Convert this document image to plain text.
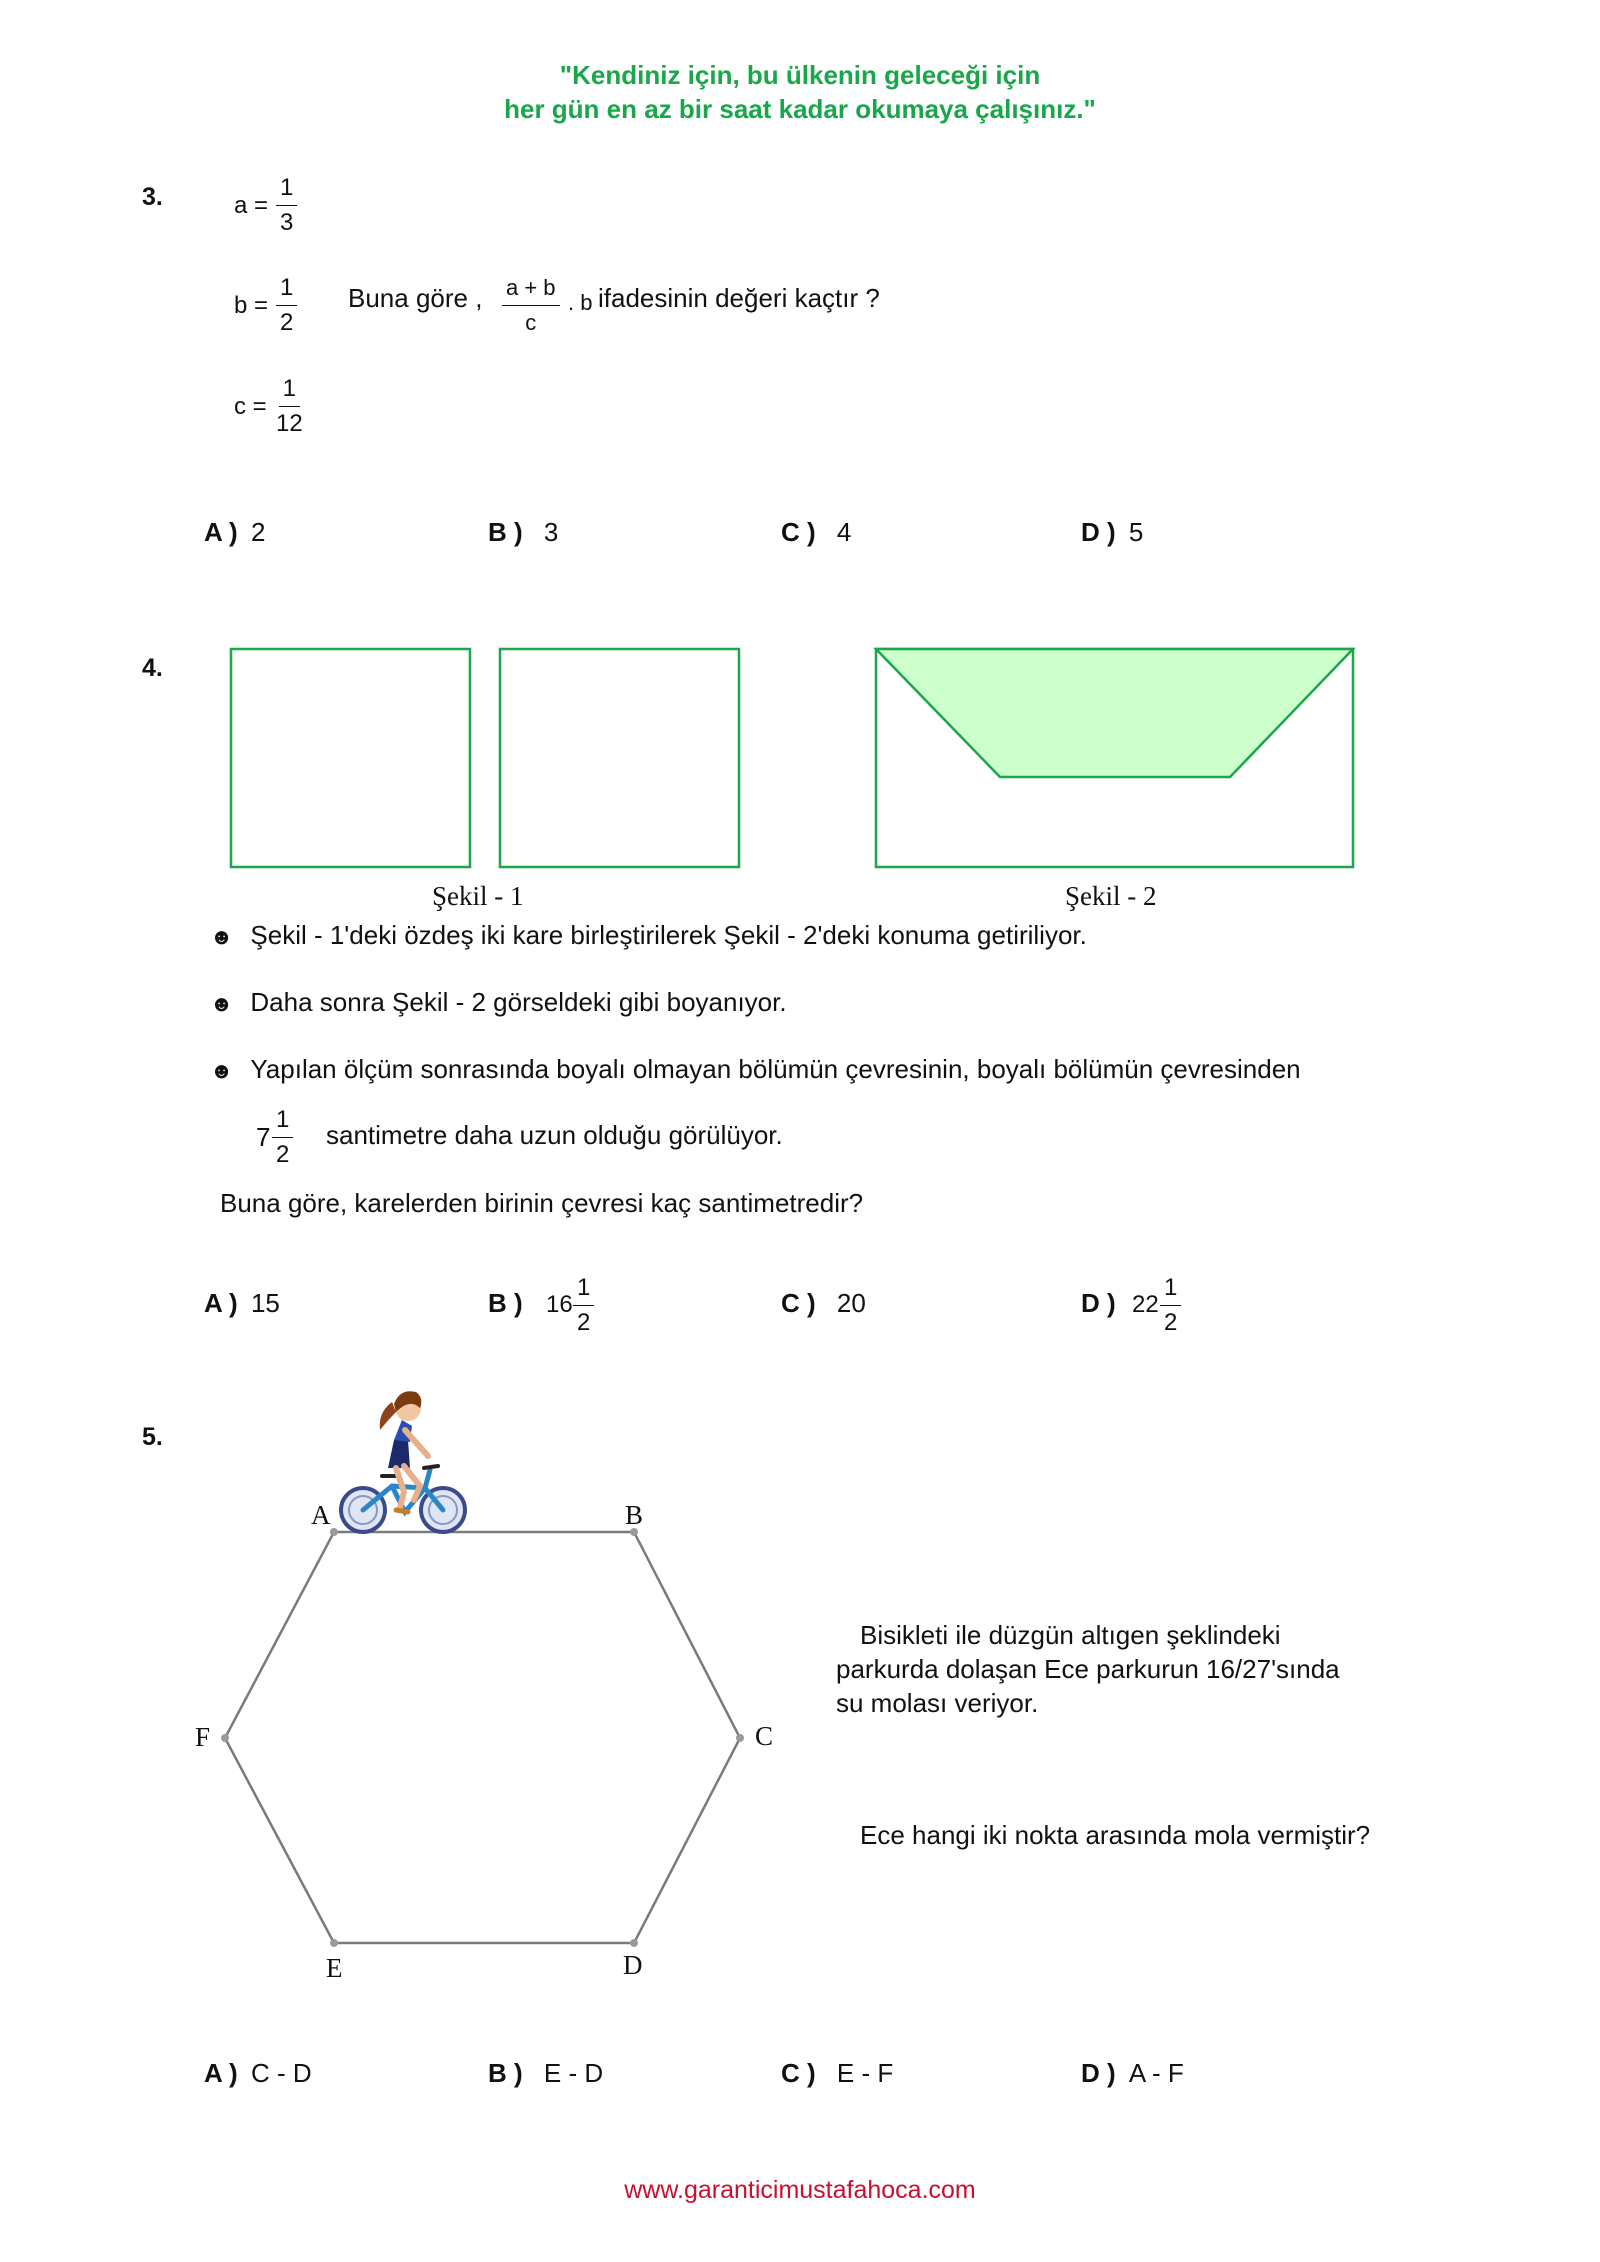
"Kendiniz için, bu ülkenin geleceği için
her gün en az bir saat kadar okumaya çalışınız."
3.	$a = \frac{1}{3}$
$b = \frac{1}{2}$
$c = \frac{1}{12}$
Buna göre , $\frac{a + b}{c}$ . b ifadesinin değeri kaçtır ?
A ) 2	B ) 3	C ) 4	D ) 5
4.
Şekil - 1	Şekil - 2
☻ Şekil - 1'deki özdeş iki kare birleştirilerek Şekil - 2'deki konuma getiriliyor.
☻ Daha sonra Şekil - 2 görseldeki gibi boyanıyor.
☻ Yapılan ölçüm sonrasında boyalı olmayan bölümün çevresinin, boyalı bölümün çevresinden
$7 \frac{1}{2}$ santimetre daha uzun olduğu görülüyor.
Buna göre, karelerden birinin çevresi kaç santimetredir?
A ) 15	B ) $16 \frac{1}{2}$	C ) 20	D ) $22 \frac{1}{2}$
5.
A	B
C
D
E
F
Bisikleti ile düzgün altıgen şeklindeki
parkurda dolaşan Ece parkurun 16/27'sında
su molası veriyor.
Ece hangi iki nokta arasında mola vermiştir?
A ) C - D	B ) E - D	C ) E - F	D ) A - F
www.garanticimustafahoca.com
